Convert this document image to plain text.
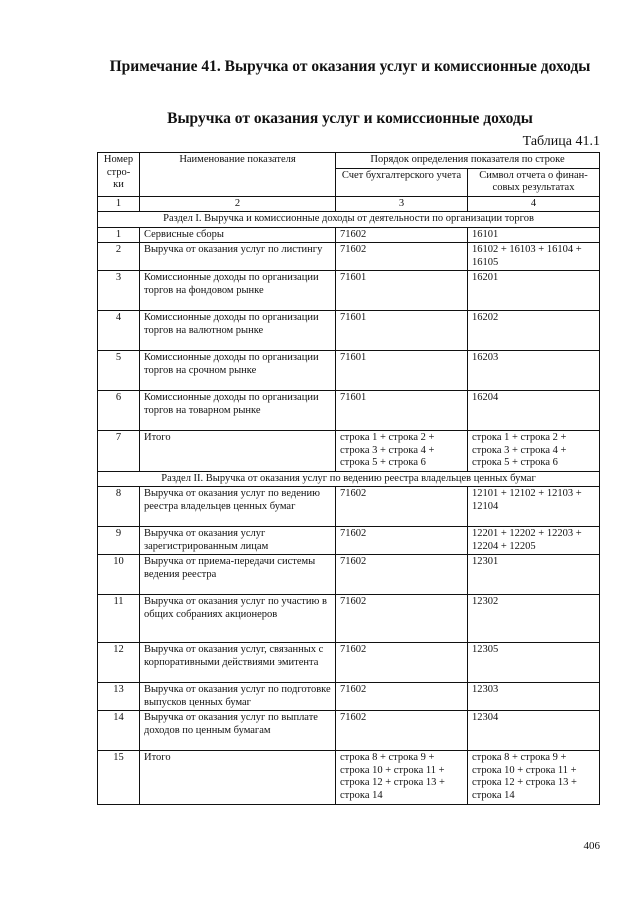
Примечание 41. Выручка от оказания услуг и комиссионные доходы
Выручка от оказания услуг и комиссионные доходы
Таблица 41.1
Номер стро-ки	Наименование показателя	Порядок определения показателя по строке	
		Счет бухгалтерского учета	Символ отчета о финан-совых результатах
1	2	3	4
Раздел I. Выручка и комиссионные доходы от деятельности по организации торгов			
1	Сервисные сборы	71602	16101
2	Выручка от оказания услуг по листингу	71602	16102 + 16103 + 16104 + 16105
3	Комиссионные доходы по организации торгов на фондовом рынке	71601	16201
4	Комиссионные доходы по организации торгов на валютном рынке	71601	16202
5	Комиссионные доходы по организации торгов на срочном рынке	71601	16203
6	Комиссионные доходы по организации торгов на товарном рынке	71601	16204
7	Итого	строка 1 + строка 2 + строка 3 + строка 4 + строка 5 + строка 6	строка 1 + строка 2 + строка 3 + строка 4 + строка 5 + строка 6
Раздел II. Выручка от оказания услуг по ведению реестра владельцев ценных бумаг			
8	Выручка от оказания услуг по ведению реестра владельцев ценных бумаг	71602	12101 + 12102 + 12103 + 12104
9	Выручка от оказания услуг зарегистрированным лицам	71602	12201 + 12202 + 12203 + 12204 + 12205
10	Выручка от приема-передачи системы ведения реестра	71602	12301
11	Выручка от оказания услуг по участию в общих собраниях акционеров	71602	12302
12	Выручка от оказания услуг, связанных с корпоративными действиями эмитента	71602	12305
13	Выручка от оказания услуг по подготовке выпусков ценных бумаг	71602	12303
14	Выручка от оказания услуг по выплате доходов по ценным бумагам	71602	12304
15	Итого	строка 8 + строка 9 + строка 10 + строка 11 + строка 12 + строка 13 + строка 14	строка 8 + строка 9 + строка 10 + строка 11 + строка 12 + строка 13 + строка 14
406
